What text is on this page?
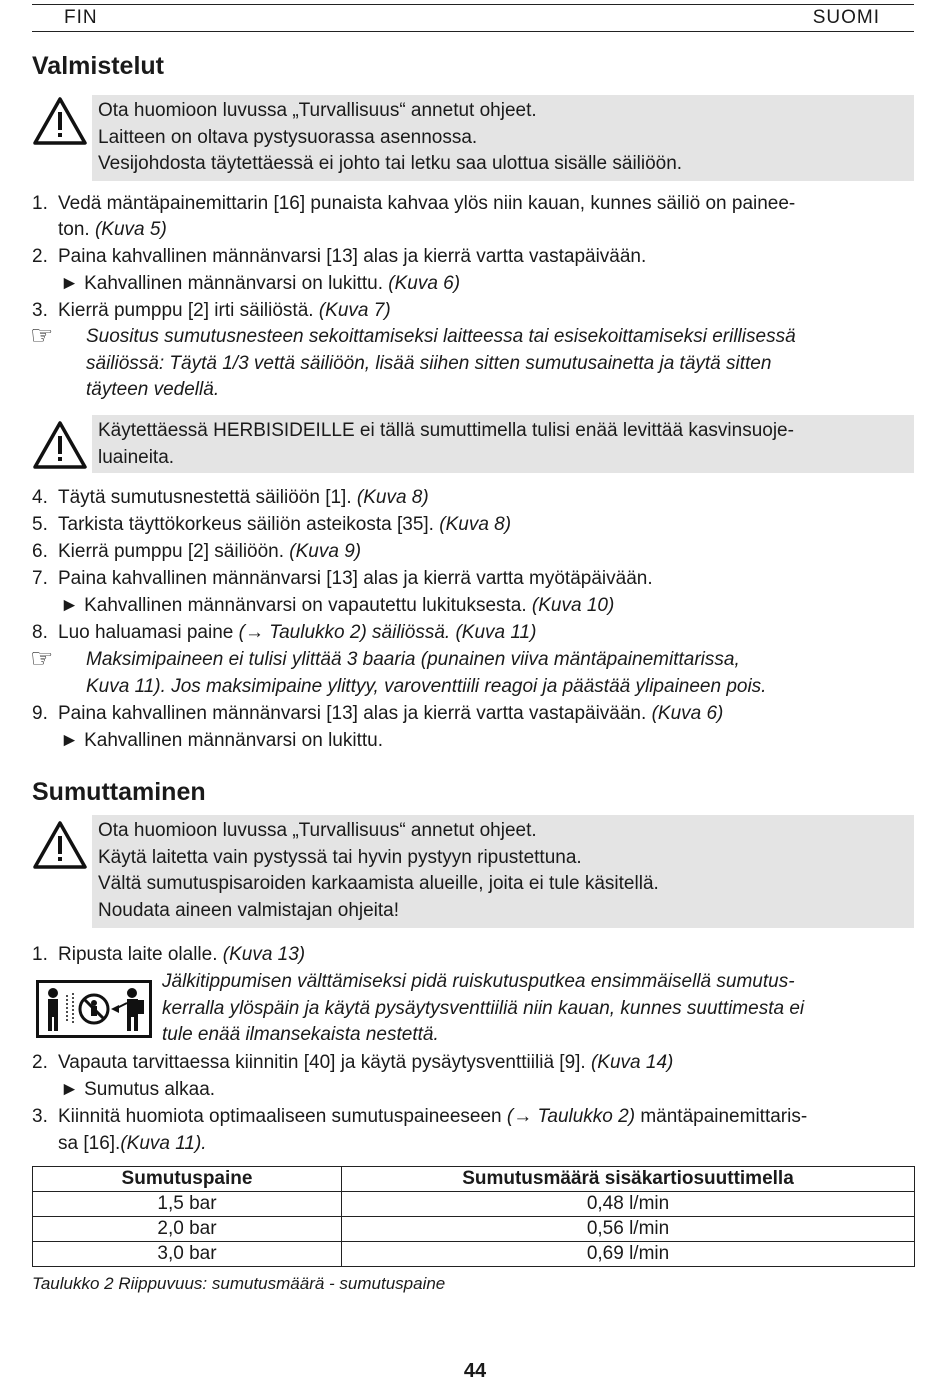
FIN	SUOMI
Valmistelut
Ota huomioon luvussa „Turvallisuus“ annetut ohjeet.
Laitteen on oltava pystysuorassa asennossa.
Vesijohdosta täytettäessä ei johto tai letku saa ulottua sisälle säiliöön.
1. Vedä mäntäpainemittarin [16] punaista kahvaa ylös niin kauan, kunnes säiliö on painee-
ton. (Kuva 5)
2. Paina kahvallinen männänvarsi [13] alas ja kierrä vartta vastapäivään.
► Kahvallinen männänvarsi on lukittu. (Kuva 6)
3. Kierrä pumppu [2] irti säiliöstä. (Kuva 7)
☞ Suositus sumutusnesteen sekoittamiseksi laitteessa tai esisekoittamiseksi erillisessä
säiliössä: Täytä 1/3 vettä säiliöön, lisää siihen sitten sumutusainetta ja täytä sitten
täyteen vedellä.
Käytettäessä HERBISIDEILLE ei tällä sumuttimella tulisi enää levittää kasvinsuoje-
luaineita.
4. Täytä sumutusnestettä säiliöön [1]. (Kuva 8)
5. Tarkista täyttökorkeus säiliön asteikosta [35]. (Kuva 8)
6. Kierrä pumppu [2] säiliöön. (Kuva 9)
7. Paina kahvallinen männänvarsi [13] alas ja kierrä vartta myötäpäivään.
► Kahvallinen männänvarsi on vapautettu lukituksesta. (Kuva 10)
8. Luo haluamasi paine (→ Taulukko 2) säiliössä. (Kuva 11)
☞ Maksimipaineen ei tulisi ylittää 3 baaria (punainen viiva mäntäpainemittarissa,
Kuva 11). Jos maksimipaine ylittyy, varoventtiili reagoi ja päästää ylipaineen pois.
9. Paina kahvallinen männänvarsi [13] alas ja kierrä vartta vastapäivään. (Kuva 6)
► Kahvallinen männänvarsi on lukittu.
Sumuttaminen
Ota huomioon luvussa „Turvallisuus“ annetut ohjeet.
Käytä laitetta vain pystyssä tai hyvin pystyyn ripustettuna.
Vältä sumutuspisaroiden karkaamista alueille, joita ei tule käsitellä.
Noudata aineen valmistajan ohjeita!
1. Ripusta laite olalle. (Kuva 13)
Jälkitippumisen välttämiseksi pidä ruiskutusputkea ensimmäisellä sumutus-
kerralla ylöspäin ja käytä pysäytysventtiiliä niin kauan, kunnes suuttimesta ei
tule enää ilmansekaista nestettä.
2. Vapauta tarvittaessa kiinnitin [40] ja käytä pysäytysventtiiliä [9]. (Kuva 14)
► Sumutus alkaa.
3. Kiinnitä huomiota optimaaliseen sumutuspaineeseen (→ Taulukko 2) mäntäpainemittaris-
sa [16].(Kuva 11).
Sumutuspaine	Sumutusmäärä sisäkartiosuuttimella
1,5 bar	0,48 l/min
2,0 bar	0,56 l/min
3,0 bar	0,69 l/min
Taulukko 2 Riippuvuus: sumutusmäärä - sumutuspaine
44
